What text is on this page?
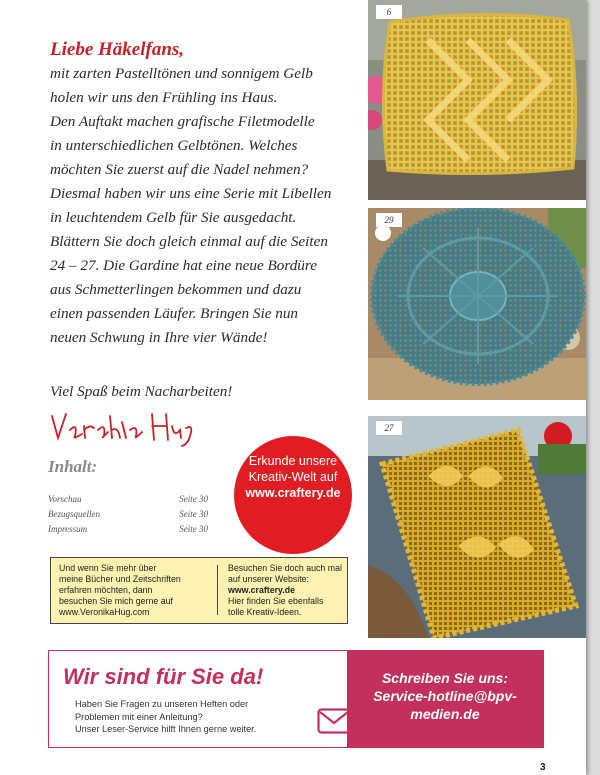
Liebe Häkelfans,
mit zarten Pastelltönen und sonnigem Gelb
holen wir uns den Frühling ins Haus.
Den Auftakt machen grafische Filetmodelle
in unterschiedlichen Gelbtönen. Welches
möchten Sie zuerst auf die Nadel nehmen?
Diesmal haben wir uns eine Serie mit Libellen
in leuchtendem Gelb für Sie ausgedacht.
Blättern Sie doch gleich einmal auf die Seiten
24 – 27. Die Gardine hat eine neue Bordüre
aus Schmetterlingen bekommen und dazu
einen passenden Läufer. Bringen Sie nun
neuen Schwung in Ihre vier Wände!
Viel Spaß beim Nacharbeiten!
Inhalt:
Vorschau	Seite 30
Bezugsquellen	Seite 30
Impressum	Seite 30
Erkunde unsere
Kreativ-Welt auf
www.craftery.de
Und wenn Sie mehr über
meine Bücher und Zeitschriften
erfahren möchten, dann
besuchen Sie mich gerne auf
www.VeronikaHug.com
Besuchen Sie doch auch mal
auf unserer Website:
www.craftery.de
Hier finden Sie ebenfalls
tolle Kreativ-Ideen.
6
29
27
Wir sind für Sie da!
Haben Sie Fragen zu unseren Heften oder
Problemen mit einer Anleitung?
Unser Leser-Service hilft Ihnen gerne weiter.
Schreiben Sie uns:
Service-hotline@bpv-
medien.de
3
